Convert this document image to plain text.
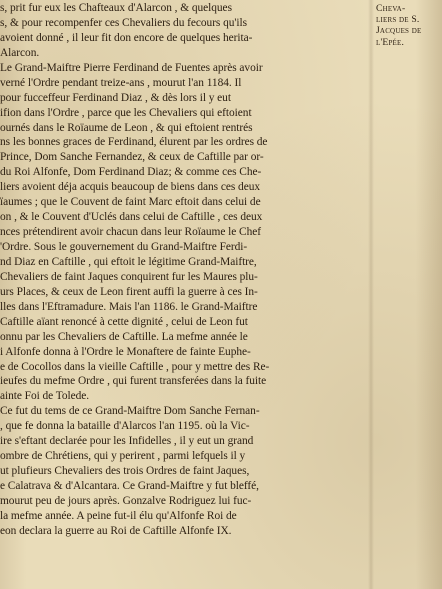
s, prit fur eux les Chafteaux d'Alarcon , & quelques
s, & pour recompenfer ces Chevaliers du fecours qu'ils
avoient donné , il leur fit don encore de quelques herita-
Alarcon.
Le Grand-Maiftre Pierre Ferdinand de Fuentes après avoir
verné l'Ordre pendant treize-ans , mourut l'an 1184. Il
pour fucceffeur Ferdinand Diaz , & dès lors il y eut
ifion dans l'Ordre , parce que les Chevaliers qui eftoient
ournés dans le Roïaume de Leon , & qui eftoient rentrés
ns les bonnes graces de Ferdinand, élurent par les ordres de
Prince, Dom Sanche Fernandez, & ceux de Caftille par or-
du Roi Alfonfe, Dom Ferdinand Diaz; & comme ces Che-
liers avoient déja acquis beaucoup de biens dans ces deux
ïaumes ; que le Couvent de faint Marc eftoit dans celui de
on , & le Couvent d'Uclés dans celui de Caftille , ces deux
nces prétendirent avoir chacun dans leur Roïaume le Chef
'Ordre. Sous le gouvernement du Grand-Maiftre Ferdi-
nd Diaz en Caftille , qui eftoit le légitime Grand-Maiftre,
Chevaliers de faint Jaques conquirent fur les Maures plu-
urs Places, & ceux de Leon firent auffi la guerre à ces In-
lles dans l'Eftramadure. Mais l'an 1186. le Grand-Maiftre
Caftille aïant renoncé à cette dignité , celui de Leon fut
onnu par les Chevaliers de Caftille. La mefme année le
i Alfonfe donna à l'Ordre le Monaftere de fainte Euphe-
e de Cocollos dans la vieille Caftille , pour y mettre des Re-
ieufes du mefme Ordre , qui furent transferées dans la fuite
ainte Foi de Tolede.
Ce fut du tems de ce Grand-Maiftre Dom Sanche Fernan-
, que fe donna la bataille d'Alarcos l'an 1195. où la Vic-
ire s'eftant declarée pour les Infidelles , il y eut un grand
ombre de Chrétiens, qui y perirent , parmi lefquels il y
ut plufieurs Chevaliers des trois Ordres de faint Jaques,
e Calatrava & d'Alcantara. Ce Grand-Maiftre y fut bleffé,
mourut peu de jours après. Gonzalve Rodriguez lui fuc-
la mefme année. A peine fut-il élu qu'Alfonfe Roi de
eon declara la guerre au Roi de Caftille Alfonfe IX.
Cheva-
liers de S.
Jacques de
l'Epée.
